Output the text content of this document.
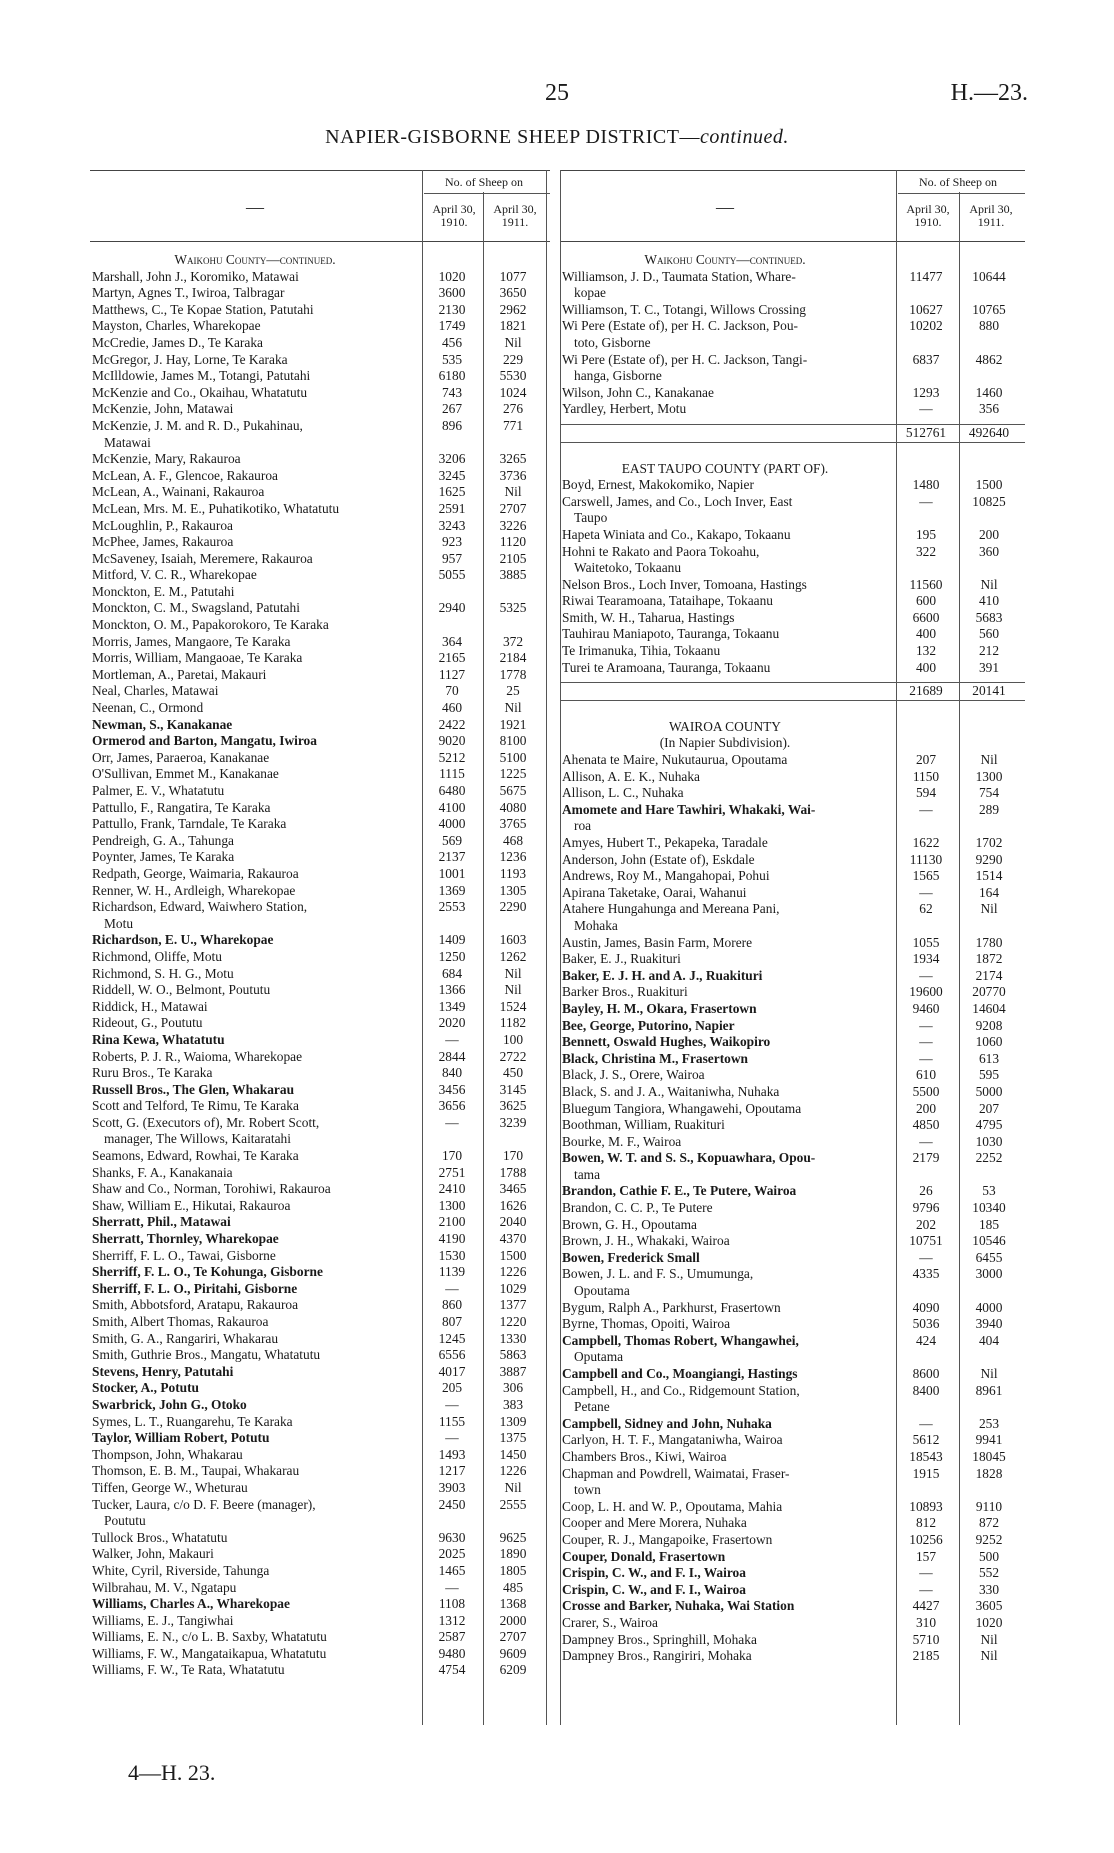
25	H.—23.
NAPIER-GISBORNE SHEEP DISTRICT—continued.
—
No. of Sheep on
April 30, 1910.
April 30, 1911.
Waikohu County—continued.
Marshall, John J., Koromiko, Matawai	1020	1077
Martyn, Agnes T., Iwiroa, Talbragar	3600	3650
Matthews, C., Te Kopae Station, Patutahi	2130	2962
Mayston, Charles, Wharekopae	1749	1821
McCredie, James D., Te Karaka	456	Nil
McGregor, J. Hay, Lorne, Te Karaka	535	229
McIlldowie, James M., Totangi, Patutahi	6180	5530
McKenzie and Co., Okaihau, Whatatutu	743	1024
McKenzie, John, Matawai	267	276
McKenzie, J. M. and R. D., Pukahinau,	896	771
Matawai
McKenzie, Mary, Rakauroa	3206	3265
McLean, A. F., Glencoe, Rakauroa	3245	3736
McLean, A., Wainani, Rakauroa	1625	Nil
McLean, Mrs. M. E., Puhatikotiko, Whatatutu	2591	2707
McLoughlin, P., Rakauroa	3243	3226
McPhee, James, Rakauroa	923	1120
McSaveney, Isaiah, Meremere, Rakauroa	957	2105
Mitford, V. C. R., Wharekopae	5055	3885
Monckton, E. M., Patutahi
Monckton, C. M., Swagsland, Patutahi	2940	5325
Monckton, O. M., Papakorokoro, Te Karaka
Morris, James, Mangaore, Te Karaka	364	372
Morris, William, Mangaoae, Te Karaka	2165	2184
Mortleman, A., Paretai, Makauri	1127	1778
Neal, Charles, Matawai	70	25
Neenan, C., Ormond	460	Nil
Newman, S., Kanakanae	2422	1921
Ormerod and Barton, Mangatu, Iwiroa	9020	8100
Orr, James, Paraeroa, Kanakanae	5212	5100
O'Sullivan, Emmet M., Kanakanae	1115	1225
Palmer, E. V., Whatatutu	6480	5675
Pattullo, F., Rangatira, Te Karaka	4100	4080
Pattullo, Frank, Tarndale, Te Karaka	4000	3765
Pendreigh, G. A., Tahunga	569	468
Poynter, James, Te Karaka	2137	1236
Redpath, George, Waimaria, Rakauroa	1001	1193
Renner, W. H., Ardleigh, Wharekopae	1369	1305
Richardson, Edward, Waiwhero Station,	2553	2290
Motu
Richardson, E. U., Wharekopae	1409	1603
Richmond, Oliffe, Motu	1250	1262
Richmond, S. H. G., Motu	684	Nil
Riddell, W. O., Belmont, Poututu	1366	Nil
Riddick, H., Matawai	1349	1524
Rideout, G., Poututu	2020	1182
Rina Kewa, Whatatutu	—	100
Roberts, P. J. R., Waioma, Wharekopae	2844	2722
Ruru Bros., Te Karaka	840	450
Russell Bros., The Glen, Whakarau	3456	3145
Scott and Telford, Te Rimu, Te Karaka	3656	3625
Scott, G. (Executors of), Mr. Robert Scott,	—	3239
manager, The Willows, Kaitaratahi
Seamons, Edward, Rowhai, Te Karaka	170	170
Shanks, F. A., Kanakanaia	2751	1788
Shaw and Co., Norman, Torohiwi, Rakauroa	2410	3465
Shaw, William E., Hikutai, Rakauroa	1300	1626
Sherratt, Phil., Matawai	2100	2040
Sherratt, Thornley, Wharekopae	4190	4370
Sherriff, F. L. O., Tawai, Gisborne	1530	1500
Sherriff, F. L. O., Te Kohunga, Gisborne	1139	1226
Sherriff, F. L. O., Piritahi, Gisborne	—	1029
Smith, Abbotsford, Aratapu, Rakauroa	860	1377
Smith, Albert Thomas, Rakauroa	807	1220
Smith, G. A., Rangariri, Whakarau	1245	1330
Smith, Guthrie Bros., Mangatu, Whatatutu	6556	5863
Stevens, Henry, Patutahi	4017	3887
Stocker, A., Potutu	205	306
Swarbrick, John G., Otoko	—	383
Symes, L. T., Ruangarehu, Te Karaka	1155	1309
Taylor, William Robert, Potutu	—	1375
Thompson, John, Whakarau	1493	1450
Thomson, E. B. M., Taupai, Whakarau	1217	1226
Tiffen, George W., Wheturau	3903	Nil
Tucker, Laura, c/o D. F. Beere (manager),	2450	2555
Poututu
Tullock Bros., Whatatutu	9630	9625
Walker, John, Makauri	2025	1890
White, Cyril, Riverside, Tahunga	1465	1805
Wilbrahau, M. V., Ngatapu	—	485
Williams, Charles A., Wharekopae	1108	1368
Williams, E. J., Tangiwhai	1312	2000
Williams, E. N., c/o L. B. Saxby, Whatatutu	2587	2707
Williams, F. W., Mangataikapua, Whatatutu	9480	9609
Williams, F. W., Te Rata, Whatatutu	4754	6209
—
No. of Sheep on
April 30, 1910.
April 30, 1911.
Waikohu County—continued.
Williamson, J. D., Taumata Station, Whare-	11477	10644
kopae
Williamson, T. C., Totangi, Willows Crossing	10627	10765
Wi Pere (Estate of), per H. C. Jackson, Pou-	10202	880
toto, Gisborne
Wi Pere (Estate of), per H. C. Jackson, Tangi-	6837	4862
hanga, Gisborne
Wilson, John C., Kanakanae	1293	1460
Yardley, Herbert, Motu	—	356
512761	492640
EAST TAUPO COUNTY (PART OF).
Boyd, Ernest, Makokomiko, Napier	1480	1500
Carswell, James, and Co., Loch Inver, East	—	10825
Taupo
Hapeta Winiata and Co., Kakapo, Tokaanu	195	200
Hohni te Rakato and Paora Tokoahu,	322	360
Waitetoko, Tokaanu
Nelson Bros., Loch Inver, Tomoana, Hastings	11560	Nil
Riwai Tearamoana, Tataihape, Tokaanu	600	410
Smith, W. H., Taharua, Hastings	6600	5683
Tauhirau Maniapoto, Tauranga, Tokaanu	400	560
Te Irimanuka, Tihia, Tokaanu	132	212
Turei te Aramoana, Tauranga, Tokaanu	400	391
21689	20141
WAIROA COUNTY
(In Napier Subdivision).
Ahenata te Maire, Nukutaurua, Opoutama	207	Nil
Allison, A. E. K., Nuhaka	1150	1300
Allison, L. C., Nuhaka	594	754
Amomete and Hare Tawhiri, Whakaki, Wai-	—	289
roa
Amyes, Hubert T., Pekapeka, Taradale	1622	1702
Anderson, John (Estate of), Eskdale	11130	9290
Andrews, Roy M., Mangahopai, Pohui	1565	1514
Apirana Taketake, Oarai, Wahanui	—	164
Atahere Hungahunga and Mereana Pani,	62	Nil
Mohaka
Austin, James, Basin Farm, Morere	1055	1780
Baker, E. J., Ruakituri	1934	1872
Baker, E. J. H. and A. J., Ruakituri	—	2174
Barker Bros., Ruakituri	19600	20770
Bayley, H. M., Okara, Frasertown	9460	14604
Bee, George, Putorino, Napier	—	9208
Bennett, Oswald Hughes, Waikopiro	—	1060
Black, Christina M., Frasertown	—	613
Black, J. S., Orere, Wairoa	610	595
Black, S. and J. A., Waitaniwha, Nuhaka	5500	5000
Bluegum Tangiora, Whangawehi, Opoutama	200	207
Boothman, William, Ruakituri	4850	4795
Bourke, M. F., Wairoa	—	1030
Bowen, W. T. and S. S., Kopuawhara, Opou-	2179	2252
tama
Brandon, Cathie F. E., Te Putere, Wairoa	26	53
Brandon, C. C. P., Te Putere	9796	10340
Brown, G. H., Opoutama	202	185
Brown, J. H., Whakaki, Wairoa	10751	10546
Bowen, Frederick Small	—	6455
Bowen, J. L. and F. S., Umumunga,	4335	3000
Opoutama
Bygum, Ralph A., Parkhurst, Frasertown	4090	4000
Byrne, Thomas, Opoiti, Wairoa	5036	3940
Campbell, Thomas Robert, Whangawhei,	424	404
Oputama
Campbell and Co., Moangiangi, Hastings	8600	Nil
Campbell, H., and Co., Ridgemount Station,	8400	8961
Petane
Campbell, Sidney and John, Nuhaka	—	253
Carlyon, H. T. F., Mangataniwha, Wairoa	5612	9941
Chambers Bros., Kiwi, Wairoa	18543	18045
Chapman and Powdrell, Waimatai, Fraser-	1915	1828
town
Coop, L. H. and W. P., Opoutama, Mahia	10893	9110
Cooper and Mere Morera, Nuhaka	812	872
Couper, R. J., Mangapoike, Frasertown	10256	9252
Couper, Donald, Frasertown	157	500
Crispin, C. W., and F. I., Wairoa	—	552
Crispin, C. W., and F. I., Wairoa	—	330
Crosse and Barker, Nuhaka, Wai Station	4427	3605
Crarer, S., Wairoa	310	1020
Dampney Bros., Springhill, Mohaka	5710	Nil
Dampney Bros., Rangiriri, Mohaka	2185	Nil
4—H. 23.
